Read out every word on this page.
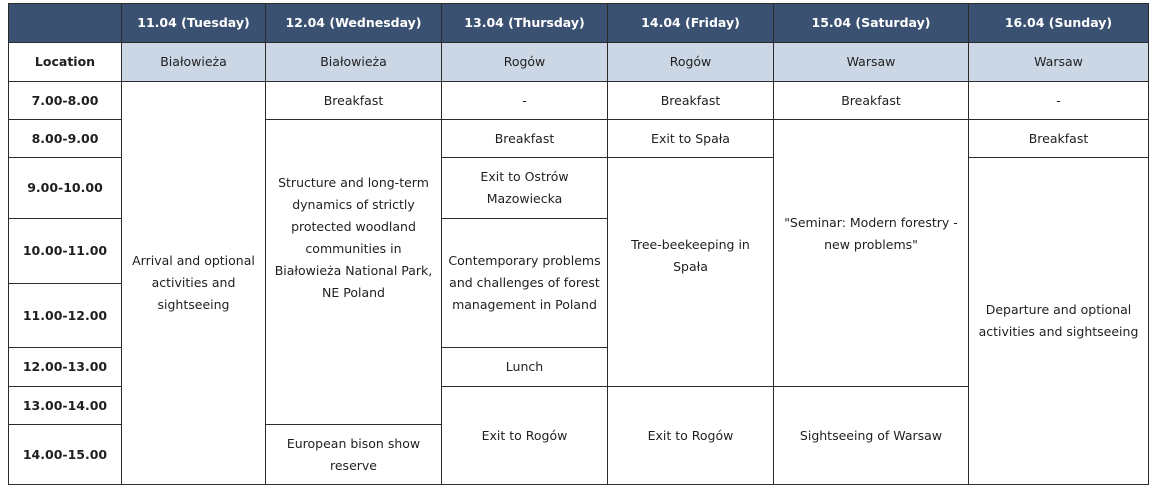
	11.04 (Tuesday)	12.04 (Wednesday)	13.04 (Thursday)	14.04 (Friday)	15.04 (Saturday)	16.04 (Sunday)
Location	Białowieża	Białowieża	Rogów	Rogów	Warsaw	Warsaw
7.00-8.00	Arrival and optional activities and sightseeing	Breakfast	-	Breakfast	Breakfast	-
8.00-9.00		Structure and long-term dynamics of strictly protected woodland communities in Białowieża National Park, NE Poland	Breakfast	Exit to Spała	"Seminar: Modern forestry - new problems"	Breakfast
9.00-10.00			Exit to Ostrów Mazowiecka	Tree-beekeeping in Spała		Departure and optional activities and sightseeing
10.00-11.00			Contemporary problems and challenges of forest management in Poland			
11.00-12.00						
12.00-13.00			Lunch			
13.00-14.00			Exit to Rogów	Exit to Rogów	Sightseeing of Warsaw	
14.00-15.00		European bison show reserve				
